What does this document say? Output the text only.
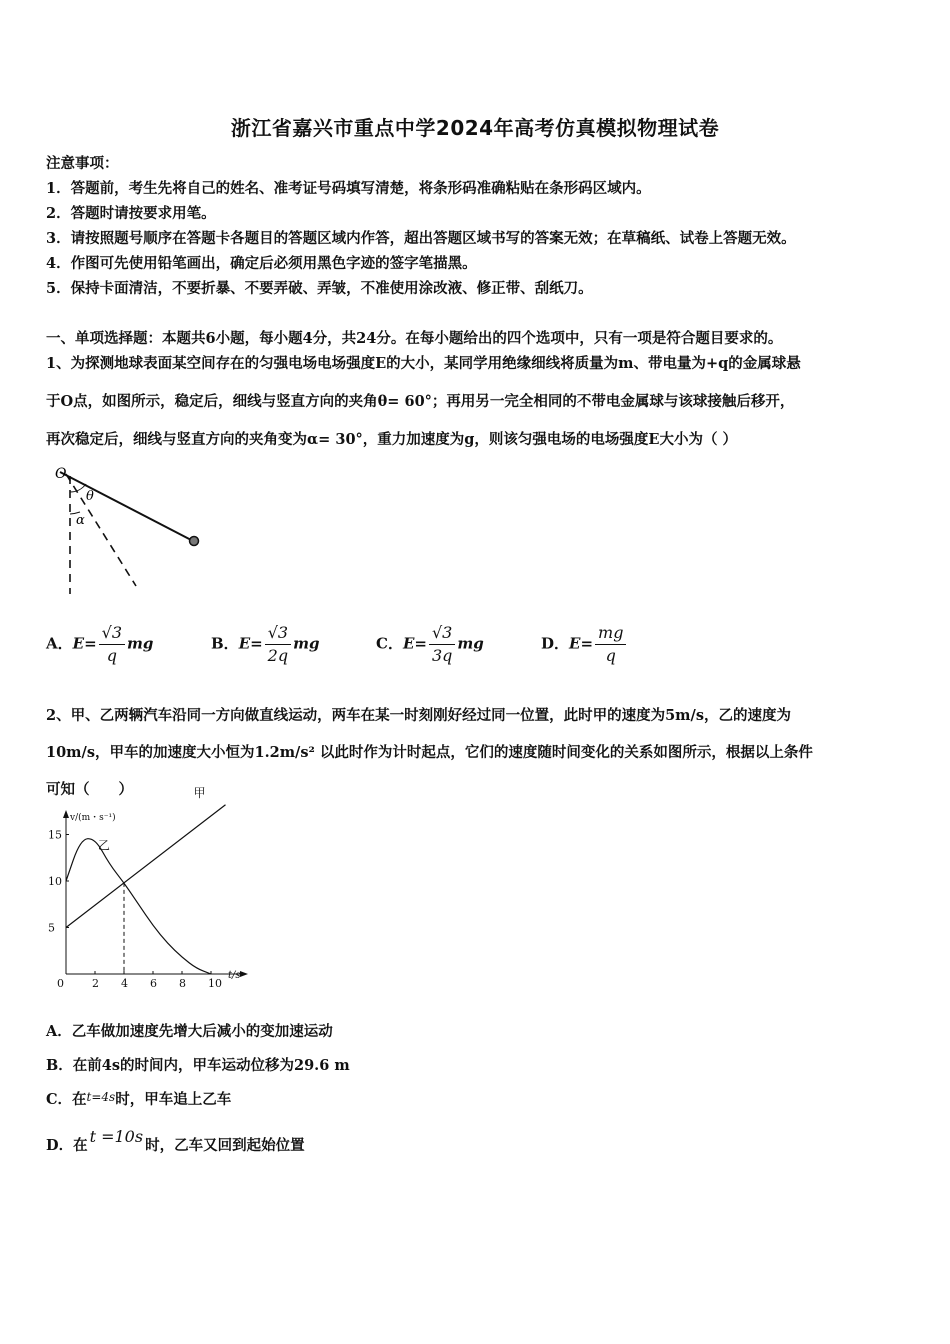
浙江省嘉兴市重点中学2024年高考仿真模拟物理试卷
注意事项：
1．答题前，考生先将自己的姓名、准考证号码填写清楚，将条形码准确粘贴在条形码区域内。
2．答题时请按要求用笔。
3．请按照题号顺序在答题卡各题目的答题区域内作答，超出答题区域书写的答案无效；在草稿纸、试卷上答题无效。
4．作图可先使用铅笔画出，确定后必须用黑色字迹的签字笔描黑。
5．保持卡面清洁，不要折暴、不要弄破、弄皱，不准使用涂改液、修正带、刮纸刀。
一、单项选择题：本题共6小题，每小题4分，共24分。在每小题给出的四个选项中，只有一项是符合题目要求的。
1、为探测地球表面某空间存在的匀强电场电场强度E的大小，某同学用绝缘细线将质量为m、带电量为+q的金属球悬
于O点，如图所示，稳定后，细线与竖直方向的夹角θ= 60°；再用另一完全相同的不带电金属球与该球接触后移开，
再次稳定后，细线与竖直方向的夹角变为α= 30°，重力加速度为g，则该匀强电场的电场强度E大小为（ ）
O
θ
α
A．$E= \frac{√3}{q}$ mg	B．$E= \frac{√3}{2q}$ mg	C．$E= \frac{√3}{3q}$ mg	D．$E= \frac{mg}{q}$
2、甲、乙两辆汽车沿同一方向做直线运动，两车在某一时刻刚好经过同一位置，此时甲的速度为5m/s，乙的速度为
10m/s，甲车的加速度大小恒为1.2m/s² 以此时作为计时起点，它们的速度随时间变化的关系如图所示，根据以上条件
可知（　　）
v/(m・s⁻¹)
t/s
0	2 4 6 8 10
5
10
15
甲
乙
A．乙车做加速度先增大后减小的变加速运动
B．在前4s的时间内，甲车运动位移为29.6 m
C．在$^{t=4s}$时，甲车追上乙车
D．在 t =10s 时，乙车又回到起始位置
